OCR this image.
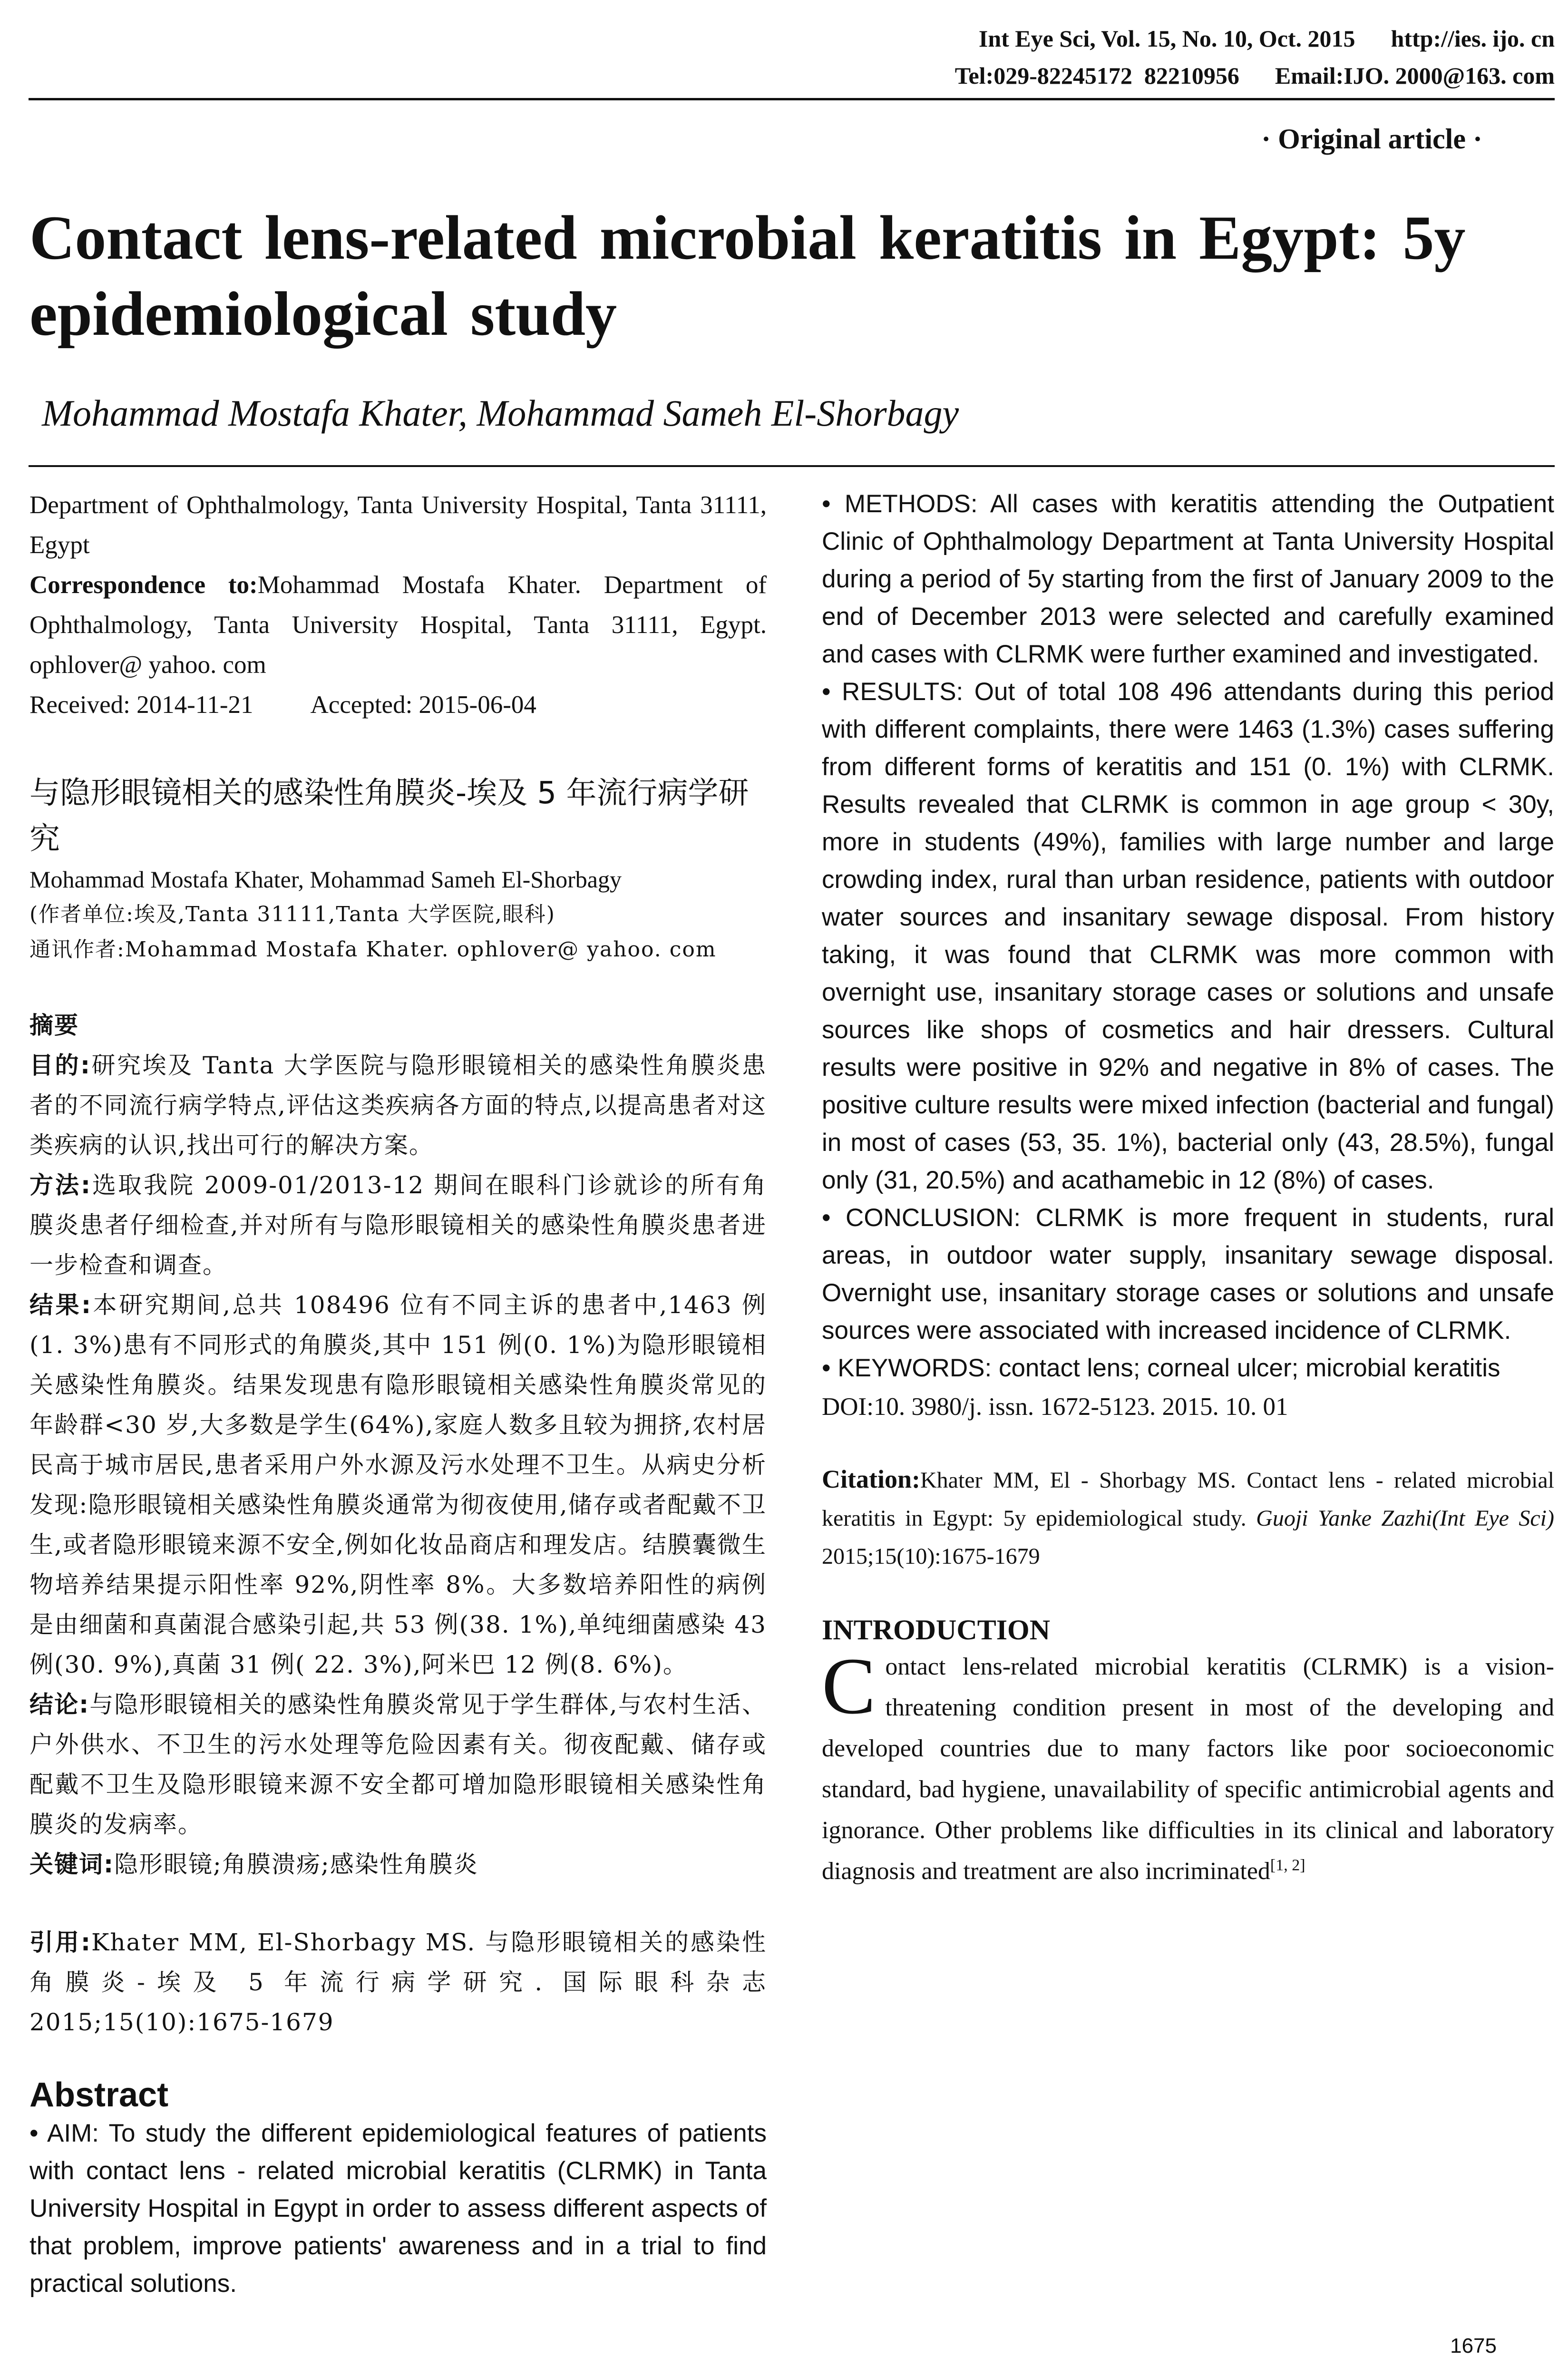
Int Eye Sci, Vol. 15, No. 10, Oct. 2015 http://ies. ijo. cn
Tel:029-82245172  82210956 Email:IJO. 2000@163. com
· Original article ·
Contact lens-related microbial keratitis in Egypt: 5y epidemiological study
Mohammad Mostafa Khater, Mohammad Sameh El-Shorbagy

Department of Ophthalmology, Tanta University Hospital, Tanta 31111, Egypt

Correspondence to:Mohammad Mostafa Khater. Department of Ophthalmology, Tanta University Hospital, Tanta 31111, Egypt. ophlover@ yahoo. com

Received: 2014-11-21 Accepted: 2015-06-04

与隐形眼镜相关的感染性角膜炎-埃及 5 年流行病学研究

Mohammad Mostafa Khater, Mohammad Sameh El-Shorbagy

(作者单位:埃及,Tanta 31111,Tanta 大学医院,眼科)

通讯作者:Mohammad Mostafa Khater. ophlover@ yahoo. com

摘要

目的:研究埃及 Tanta 大学医院与隐形眼镜相关的感染性角膜炎患者的不同流行病学特点,评估这类疾病各方面的特点,以提高患者对这类疾病的认识,找出可行的解决方案。

方法:选取我院 2009-01/2013-12 期间在眼科门诊就诊的所有角膜炎患者仔细检查,并对所有与隐形眼镜相关的感染性角膜炎患者进一步检查和调查。

结果:本研究期间,总共 108496 位有不同主诉的患者中,1463 例(1. 3%)患有不同形式的角膜炎,其中 151 例(0. 1%)为隐形眼镜相关感染性角膜炎。结果发现患有隐形眼镜相关感染性角膜炎常见的年龄群<30 岁,大多数是学生(64%),家庭人数多且较为拥挤,农村居民高于城市居民,患者采用户外水源及污水处理不卫生。从病史分析发现:隐形眼镜相关感染性角膜炎通常为彻夜使用,储存或者配戴不卫生,或者隐形眼镜来源不安全,例如化妆品商店和理发店。结膜囊微生物培养结果提示阳性率 92%,阴性率 8%。大多数培养阳性的病例是由细菌和真菌混合感染引起,共 53 例(38. 1%),单纯细菌感染 43 例(30. 9%),真菌 31 例( 22. 3%),阿米巴 12 例(8. 6%)。

结论:与隐形眼镜相关的感染性角膜炎常见于学生群体,与农村生活、户外供水、不卫生的污水处理等危险因素有关。彻夜配戴、储存或配戴不卫生及隐形眼镜来源不安全都可增加隐形眼镜相关感染性角膜炎的发病率。

关键词:隐形眼镜;角膜溃疡;感染性角膜炎

引用:Khater MM, El-Shorbagy MS. 与隐形眼镜相关的感染性角膜炎-埃及 5 年流行病学研究. 国际眼科杂志 2015;15(10):1675-1679

Abstract

• AIM: To study the different epidemiological features of patients with contact lens - related microbial keratitis (CLRMK) in Tanta University Hospital in Egypt in order to assess different aspects of that problem, improve patients' awareness and in a trial to find practical solutions.

• METHODS: All cases with keratitis attending the Outpatient Clinic of Ophthalmology Department at Tanta University Hospital during a period of 5y starting from the first of January 2009 to the end of December 2013 were selected and carefully examined and cases with CLRMK were further examined and investigated.

• RESULTS: Out of total 108 496 attendants during this period with different complaints, there were 1463 (1.3%) cases suffering from different forms of keratitis and 151 (0. 1%) with CLRMK. Results revealed that CLRMK is common in age group < 30y, more in students (49%), families with large number and large crowding index, rural than urban residence, patients with outdoor water sources and insanitary sewage disposal. From history taking, it was found that CLRMK was more common with overnight use, insanitary storage cases or solutions and unsafe sources like shops of cosmetics and hair dressers. Cultural results were positive in 92% and negative in 8% of cases. The positive culture results were mixed infection (bacterial and fungal) in most of cases (53, 35. 1%), bacterial only (43, 28.5%), fungal only (31, 20.5%) and acathamebic in 12 (8%) of cases.

• CONCLUSION: CLRMK is more frequent in students, rural areas, in outdoor water supply, insanitary sewage disposal. Overnight use, insanitary storage cases or solutions and unsafe sources were associated with increased incidence of CLRMK.

• KEYWORDS: contact lens; corneal ulcer; microbial keratitis

DOI:10. 3980/j. issn. 1672-5123. 2015. 10. 01

Citation:Khater MM, El - Shorbagy MS. Contact lens - related microbial keratitis in Egypt: 5y epidemiological study. Guoji Yanke Zazhi(Int Eye Sci) 2015;15(10):1675-1679

INTRODUCTION

Contact lens-related microbial keratitis (CLRMK) is a vision-threatening condition present in most of the developing and developed countries due to many factors like poor socioeconomic standard, bad hygiene, unavailability of specific antimicrobial agents and ignorance. Other problems like difficulties in its clinical and laboratory diagnosis and treatment are also incriminated[1, 2]

1675
